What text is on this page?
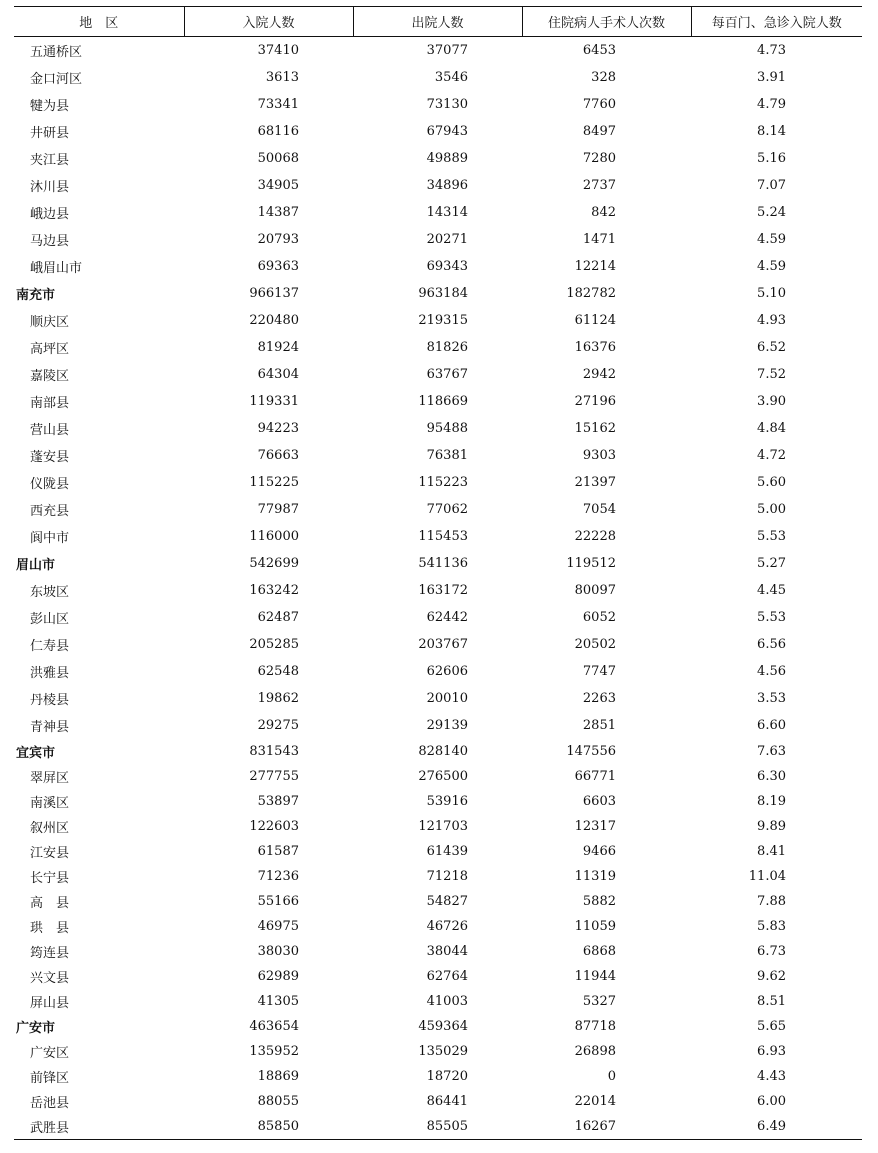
地　区	入院人数	出院人数	住院病人手术人次数	每百门、急诊入院人数
五通桥区	37410	37077	6453	4.73
金口河区	3613	3546	328	3.91
犍为县	73341	73130	7760	4.79
井研县	68116	67943	8497	8.14
夹江县	50068	49889	7280	5.16
沐川县	34905	34896	2737	7.07
峨边县	14387	14314	842	5.24
马边县	20793	20271	1471	4.59
峨眉山市	69363	69343	12214	4.59
南充市	966137	963184	182782	5.10
顺庆区	220480	219315	61124	4.93
高坪区	81924	81826	16376	6.52
嘉陵区	64304	63767	2942	7.52
南部县	119331	118669	27196	3.90
营山县	94223	95488	15162	4.84
蓬安县	76663	76381	9303	4.72
仪陇县	115225	115223	21397	5.60
西充县	77987	77062	7054	5.00
阆中市	116000	115453	22228	5.53
眉山市	542699	541136	119512	5.27
东坡区	163242	163172	80097	4.45
彭山区	62487	62442	6052	5.53
仁寿县	205285	203767	20502	6.56
洪雅县	62548	62606	7747	4.56
丹棱县	19862	20010	2263	3.53
青神县	29275	29139	2851	6.60
宜宾市	831543	828140	147556	7.63
翠屏区	277755	276500	66771	6.30
南溪区	53897	53916	6603	8.19
叙州区	122603	121703	12317	9.89
江安县	61587	61439	9466	8.41
长宁县	71236	71218	11319	11.04
高　县	55166	54827	5882	7.88
珙　县	46975	46726	11059	5.83
筠连县	38030	38044	6868	6.73
兴文县	62989	62764	11944	9.62
屏山县	41305	41003	5327	8.51
广安市	463654	459364	87718	5.65
广安区	135952	135029	26898	6.93
前锋区	18869	18720	0	4.43
岳池县	88055	86441	22014	6.00
武胜县	85850	85505	16267	6.49
